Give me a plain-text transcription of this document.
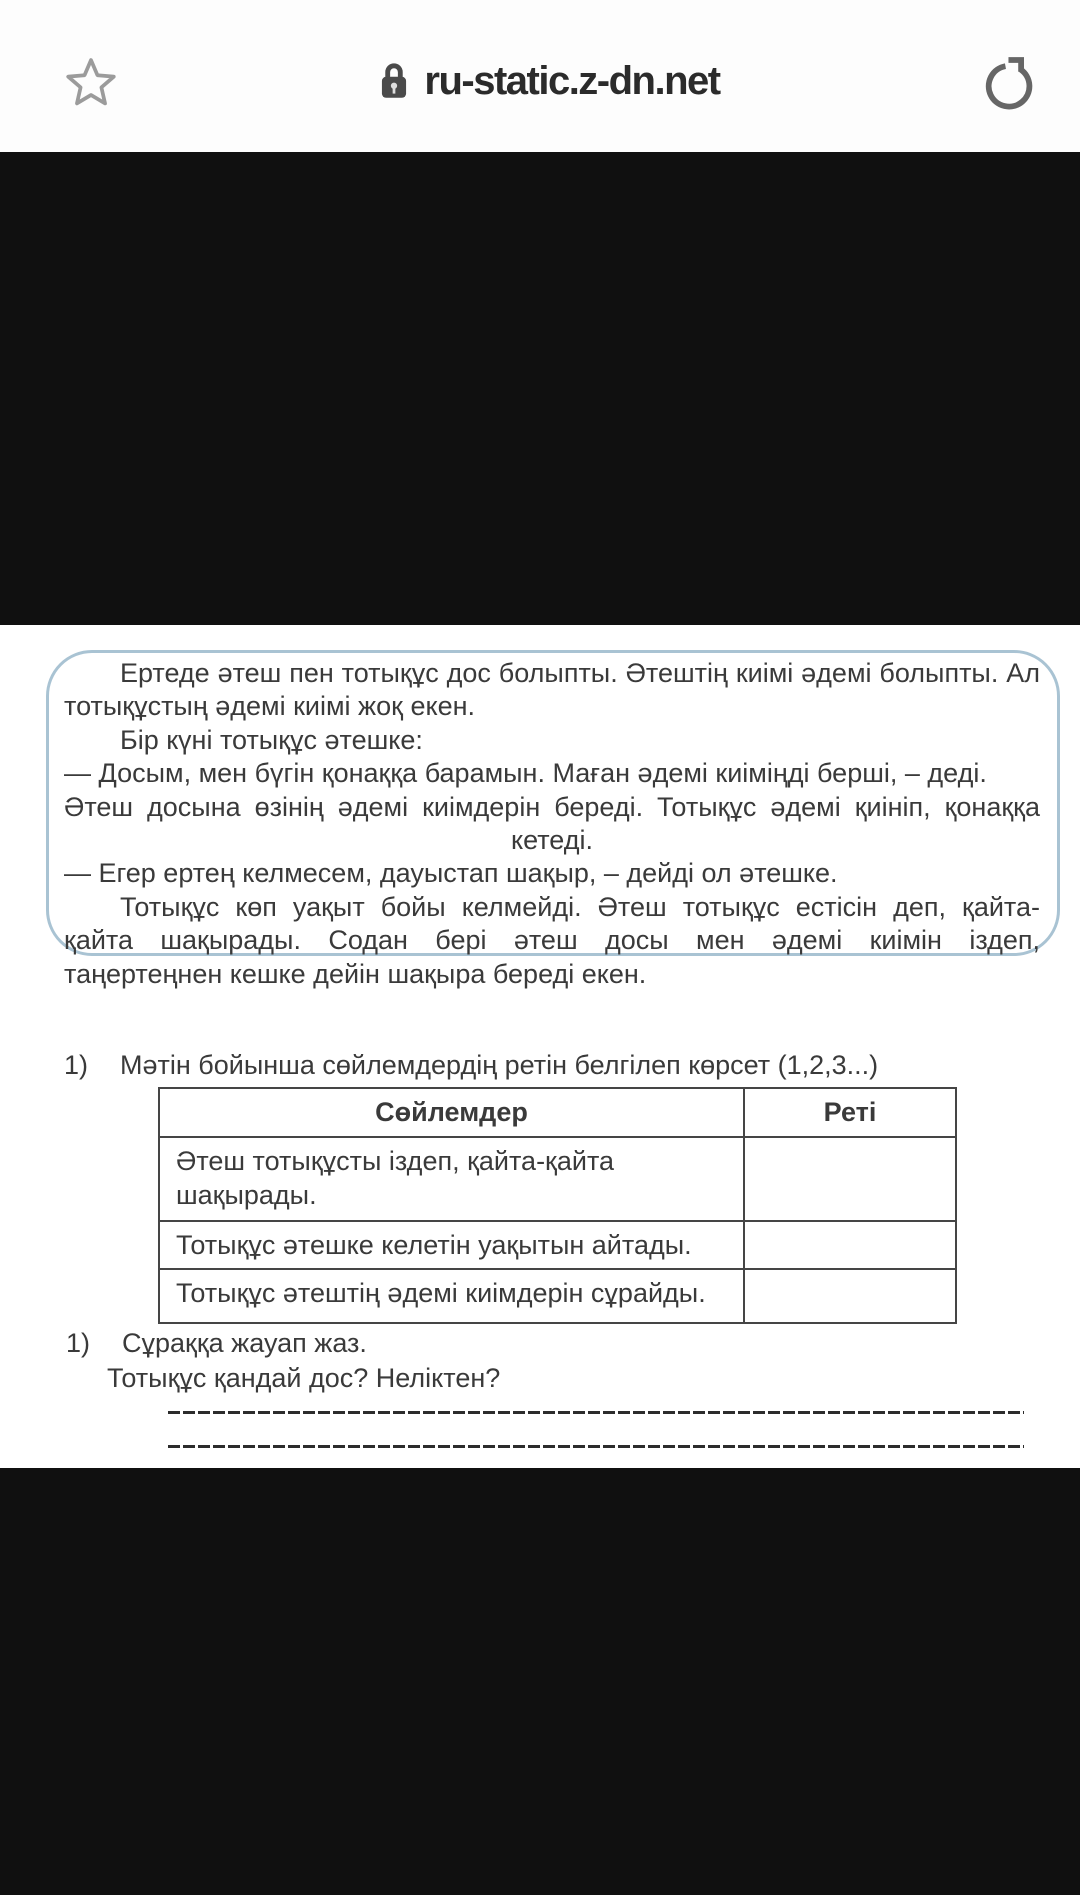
ru-static.z-dn.net
Ертеде әтеш пен тотықұс дос болыпты. Әтештің киімі әдемі болыпты. Ал
тотықұстың әдемі киімі жоқ екен.
Бір күні тотықұс әтешке:
— Досым, мен бүгін қонаққа барамын. Маған әдемі киіміңді берші, – деді.
Әтеш досына өзінің әдемі киімдерін береді. Тотықұс әдемі қиініп, қонаққа
кетеді.
— Егер ертең келмесем, дауыстап шақыр, – дейді ол әтешке.
Тотықұс көп уақыт бойы келмейді. Әтеш тотықұс естісін деп, қайта-
қайта шақырады. Содан бері әтеш досы мен әдемі киімін іздеп,
таңертеңнен кешке дейін шақыра береді екен.
1)	Мәтін бойынша сөйлемдердің ретін белгілеп көрсет (1,2,3...)
Сөйлемдер	Реті
Әтеш тотықұсты іздеп, қайта-қайта шақырады.	
Тотықұс әтешке келетін уақытын айтады.	
Тотықұс әтештің әдемі киімдерін сұрайды.	
1)	Сұраққа жауап жаз.
Тотықұс қандай дос? Неліктен?
